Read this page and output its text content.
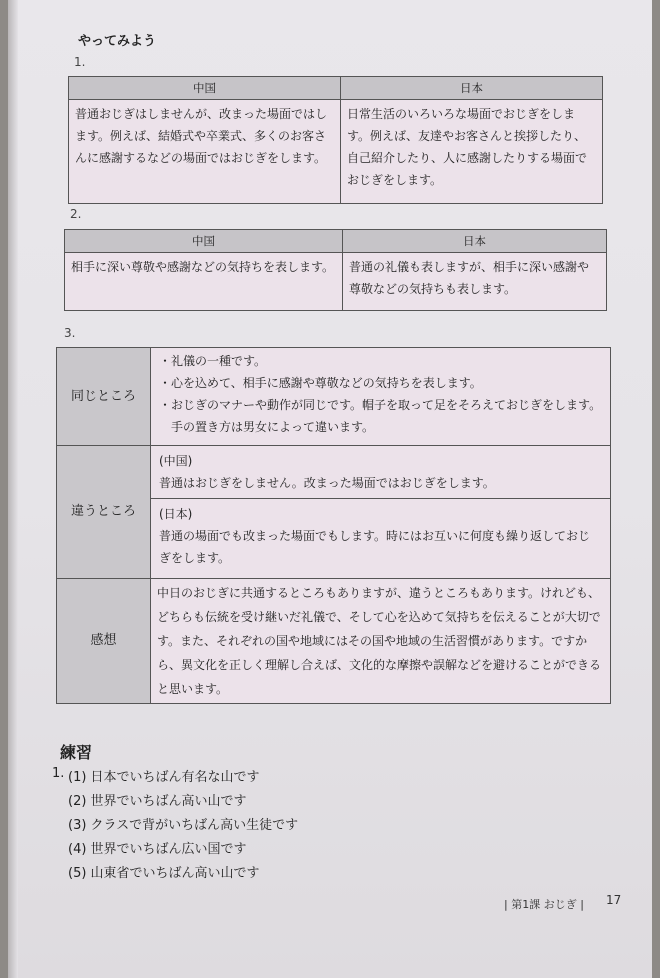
やってみよう
1.
中国	日本
普通おじぎはしませんが、改まった場面ではします。例えば、結婚式や卒業式、多くのお客さんに感謝するなどの場面ではおじぎをします。	日常生活のいろいろな場面でおじぎをします。例えば、友達やお客さんと挨拶したり、自己紹介したり、人に感謝したりする場面でおじぎをします。
2.
中国	日本
相手に深い尊敬や感謝などの気持ちを表します。	普通の礼儀も表しますが、相手に深い感謝や尊敬などの気持ちも表します。
3.
同じところ	・礼儀の一種です。
・心を込めて、相手に感謝や尊敬などの気持ちを表します。
・おじぎのマナーや動作が同じです。帽子を取って足をそろえておじぎをします。手の置き方は男女によって違います。

違うところ	(中国)
普通はおじぎをしません。改まった場面ではおじぎをします。

	(日本)
普通の場面でも改まった場面でもします。時にはお互いに何度も繰り返しておじぎをします。

感想	中日のおじぎに共通するところもありますが、違うところもあります。けれども、どちらも伝統を受け継いだ礼儀で、そして心を込めて気持ちを伝えることが大切です。また、それぞれの国や地域にはその国や地域の生活習慣があります。ですから、異文化を正しく理解し合えば、文化的な摩擦や誤解などを避けることができると思います。
練習
1. (1) 日本でいちばん有名な山です
(2) 世界でいちばん高い山です
(3) クラスで背がいちばん高い生徒です
(4) 世界でいちばん広い国です
(5) 山東省でいちばん高い山です
| 第1課 おじぎ | 17
